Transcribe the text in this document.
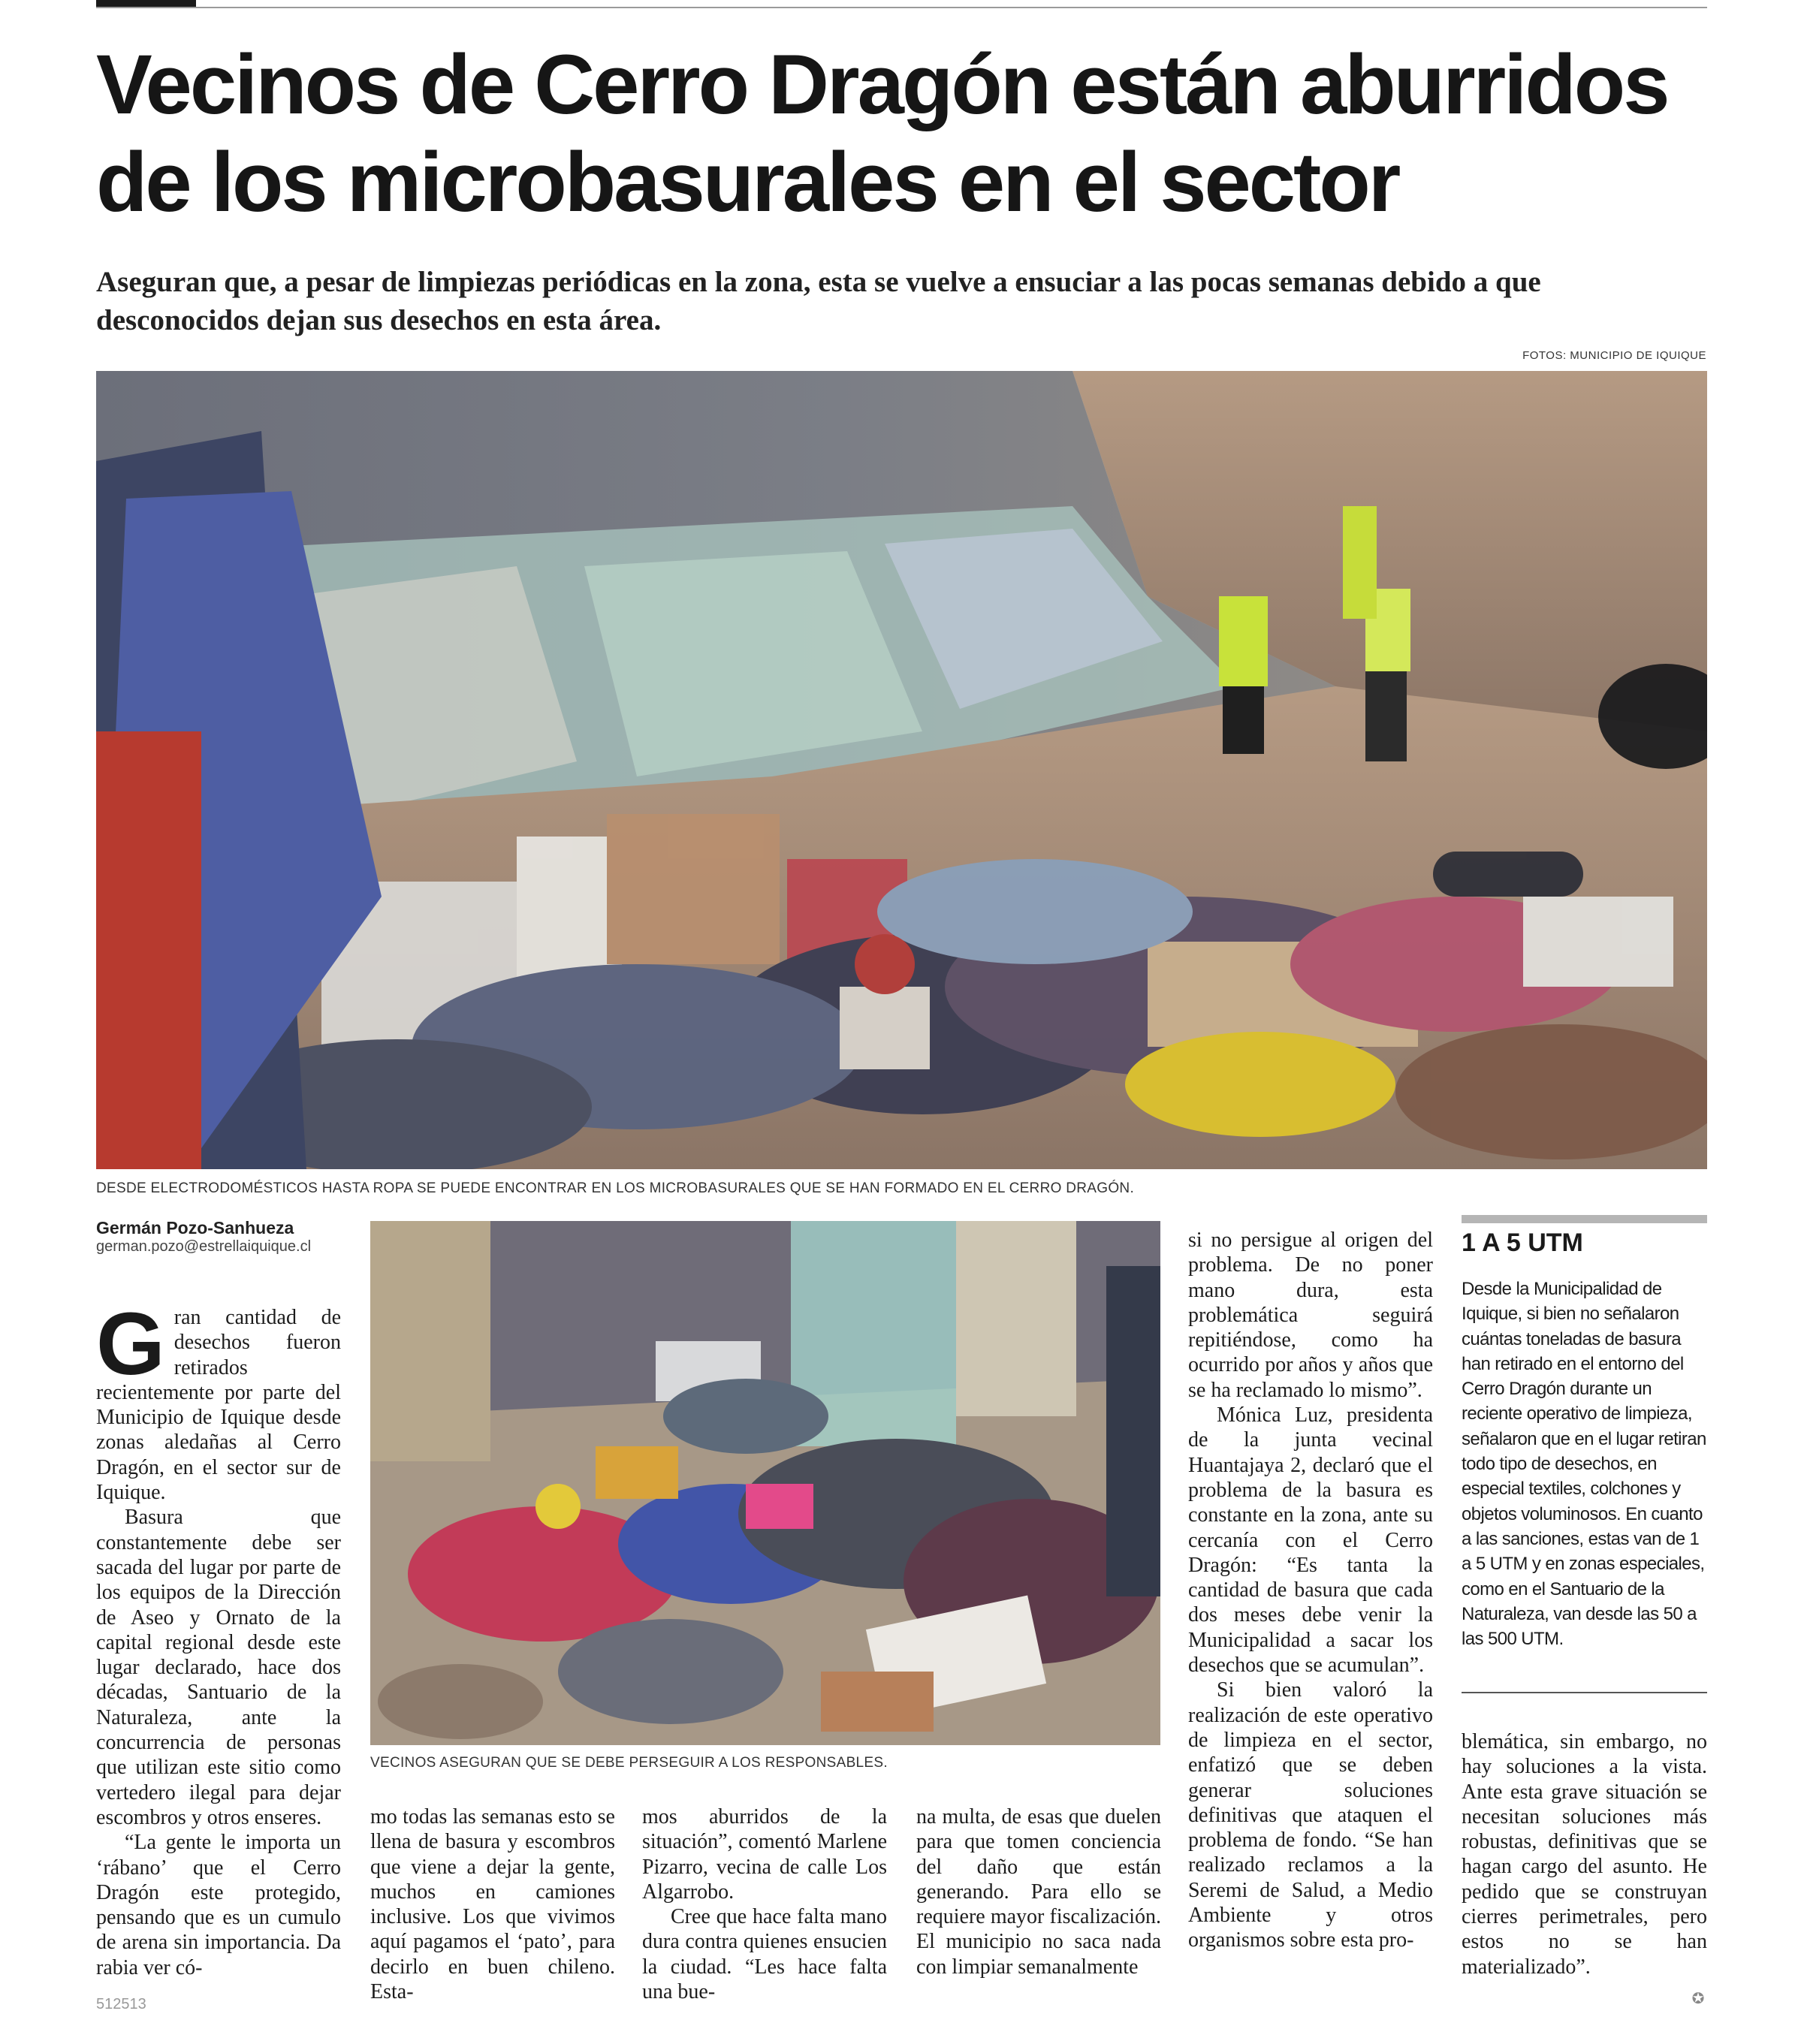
Vecinos de Cerro Dragón están aburridos de los microbasurales en el sector

Aseguran que, a pesar de limpiezas periódicas en la zona, esta se vuelve a ensuciar a las pocas semanas debido a que desconocidos dejan sus desechos en esta área.

FOTOS: MUNICIPIO DE IQUIQUE
DESDE ELECTRODOMÉSTICOS HASTA ROPA SE PUEDE ENCONTRAR EN LOS MICROBASURALES QUE SE HAN FORMADO EN EL CERRO DRAGÓN.
Germán Pozo-Sanhueza
german.pozo@estrellaiquique.cl
VECINOS ASEGURAN QUE SE DEBE PERSEGUIR A LOS RESPONSABLES.

Gran cantidad de desechos fueron retirados recientemente por parte del Municipio de Iquique desde zonas aledañas al Cerro Dragón, en el sector sur de Iquique.

Basura que constantemente debe ser sacada del lugar por parte de los equipos de la Dirección de Aseo y Ornato de la capital regional desde este lugar declarado, hace dos décadas, Santuario de la Naturaleza, ante la concurrencia de personas que utilizan este sitio como vertedero ilegal para dejar escombros y otros enseres.

“La gente le importa un ‘rábano’ que el Cerro Dragón este protegido, pensando que es un cumulo de arena sin importancia. Da rabia ver có-

mo todas las semanas esto se llena de basura y escombros que viene a dejar la gente, muchos en camiones inclusive. Los que vivimos aquí pagamos el ‘pato’, para decirlo en buen chileno. Esta-

mos aburridos de la situación”, comentó Marlene Pizarro, vecina de calle Los Algarrobo.

Cree que hace falta mano dura contra quienes ensucien la ciudad. “Les hace falta una bue-

na multa, de esas que duelen para que tomen conciencia del daño que están generando. Para ello se requiere mayor fiscalización. El municipio no saca nada con limpiar semanalmente

si no persigue al origen del problema. De no poner mano dura, esta problemática seguirá repitiéndose, como ha ocurrido por años y años que se ha reclamado lo mismo”.

Mónica Luz, presidenta de la junta vecinal Huantajaya 2, declaró que el problema de la basura es constante en la zona, ante su cercanía con el Cerro Dragón: “Es tanta la cantidad de basura que cada dos meses debe venir la Municipalidad a sacar los desechos que se acumulan”.

Si bien valoró la realización de este operativo de limpieza en el sector, enfatizó que se deben generar soluciones definitivas que ataquen el problema de fondo. “Se han realizado reclamos a la Seremi de Salud, a Medio Ambiente y otros organismos sobre esta pro-

1 A 5 UTM
Desde la Municipalidad de Iquique, si bien no señalaron cuántas toneladas de basura han retirado en el entorno del Cerro Dragón durante un reciente operativo de limpieza, señalaron que en el lugar retiran todo tipo de desechos, en especial textiles, colchones y objetos voluminosos. En cuanto a las sanciones, estas van de 1 a 5 UTM y en zonas especiales, como en el Santuario de la Naturaleza, van desde las 50 a las 500 UTM.

blemática, sin embargo, no hay soluciones a la vista. Ante esta grave situación se necesitan soluciones más robustas, definitivas que se hagan cargo del asunto. He pedido que se construyan cierres perimetrales, pero estos no se han materializado”.

512513	✪
